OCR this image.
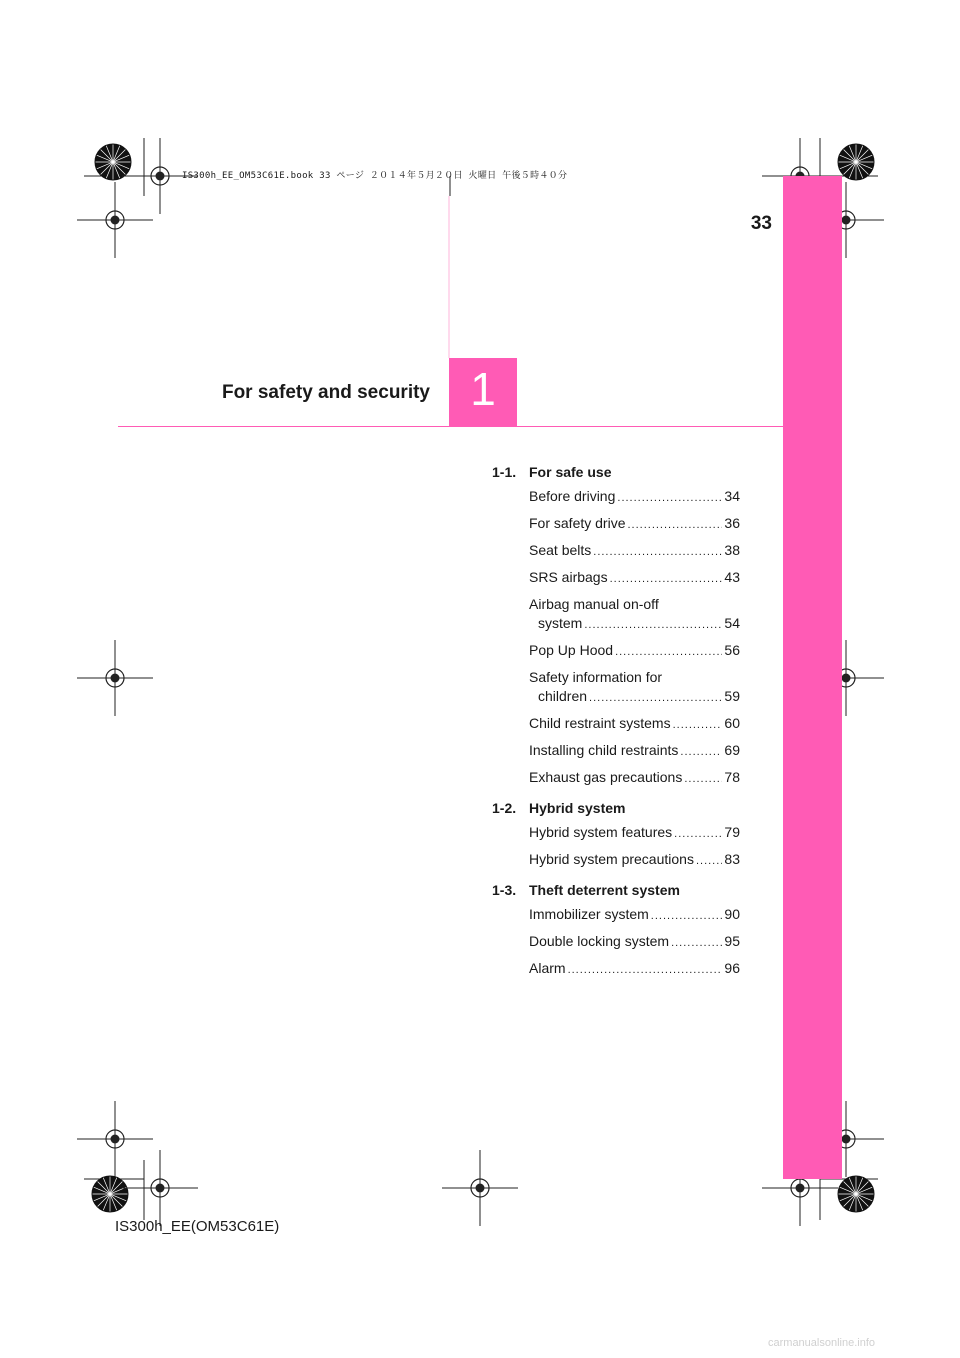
IS300h_EE_OM53C61E.book 33 ページ ２０１４年５月２０日 火曜日 午後５時４０分
33
For safety and security 1
1-1. For safe use
Before driving .....	34
For safety drive .....	36
Seat belts .....	38
SRS airbags .....	43
Airbag manual on-off
system .....	54
Pop Up Hood .....	56
Safety information for
children .....	59
Child restraint systems .....	60
Installing child restraints .....	69
Exhaust gas precautions .....	78
1-2. Hybrid system
Hybrid system features .....	79
Hybrid system precautions ..... 83
1-3. Theft deterrent system
Immobilizer system .....	90
Double locking system .....	95
Alarm .....	96
IS300h_EE(OM53C61E)
carmanualsonline.info
